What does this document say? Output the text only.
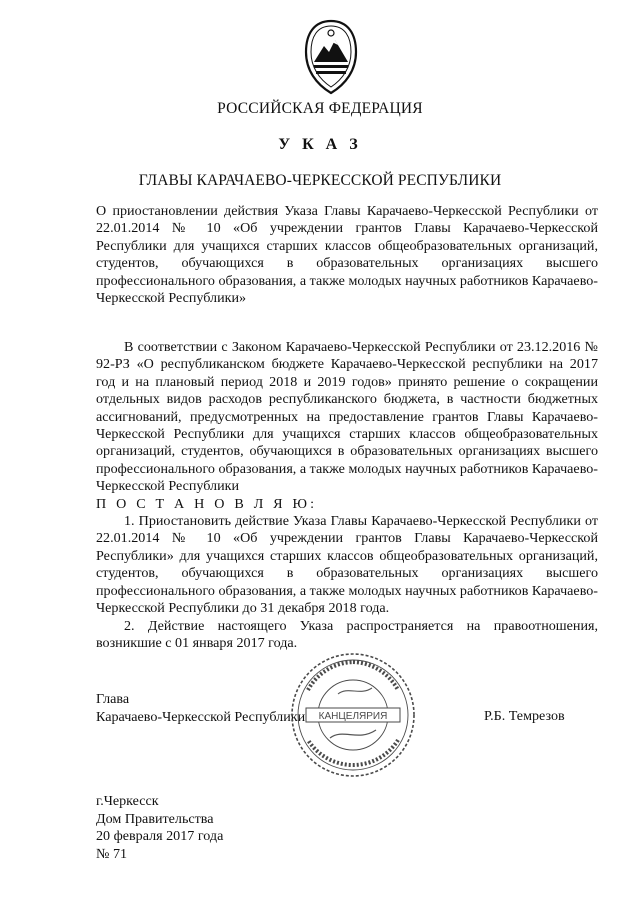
РОССИЙСКАЯ ФЕДЕРАЦИЯ
У К А З
ГЛАВЫ КАРАЧАЕВО-ЧЕРКЕССКОЙ РЕСПУБЛИКИ
О приостановлении действия Указа Главы Карачаево-Черкесской Республики от 22.01.2014 № 10 «Об учреждении грантов Главы Карачаево-Черкесской Республики для учащихся старших классов общеобразовательных организаций, студентов, обучающихся в образовательных организациях высшего профессионального образования, а также молодых научных работников Карачаево-Черкесской Республики»

В соответствии с Законом Карачаево-Черкесской Республики от 23.12.2016 № 92-РЗ «О республиканском бюджете Карачаево-Черкесской республики на 2017 год и на плановый период 2018 и 2019 годов» принято решение о сокращении отдельных видов расходов республиканского бюджета, в частности бюджетных ассигнований, предусмотренных на предоставление грантов Главы Карачаево-Черкесской Республики для учащихся старших классов общеобразовательных организаций, студентов, обучающихся в образовательных организациях высшего профессионального образования, а также молодых научных работников Карачаево-Черкесской Республики

П О С Т А Н О В Л Я Ю:

1. Приостановить действие Указа Главы Карачаево-Черкесской Республики от 22.01.2014 № 10 «Об учреждении грантов Главы Карачаево-Черкесской Республики» для учащихся старших классов общеобразовательных организаций, студентов, обучающихся в образовательных организациях высшего профессионального образования, а также молодых научных работников Карачаево-Черкесской Республики до 31 декабря 2018 года.

2. Действие настоящего Указа распространяется на правоотношения, возникшие с 01 января 2017 года.

Глава
Карачаево-Черкесской Республики КАНЦЕЛЯРИЯ	Р.Б. Темрезов
г.Черкесск
Дом Правительства
20 февраля 2017 года
№ 71
